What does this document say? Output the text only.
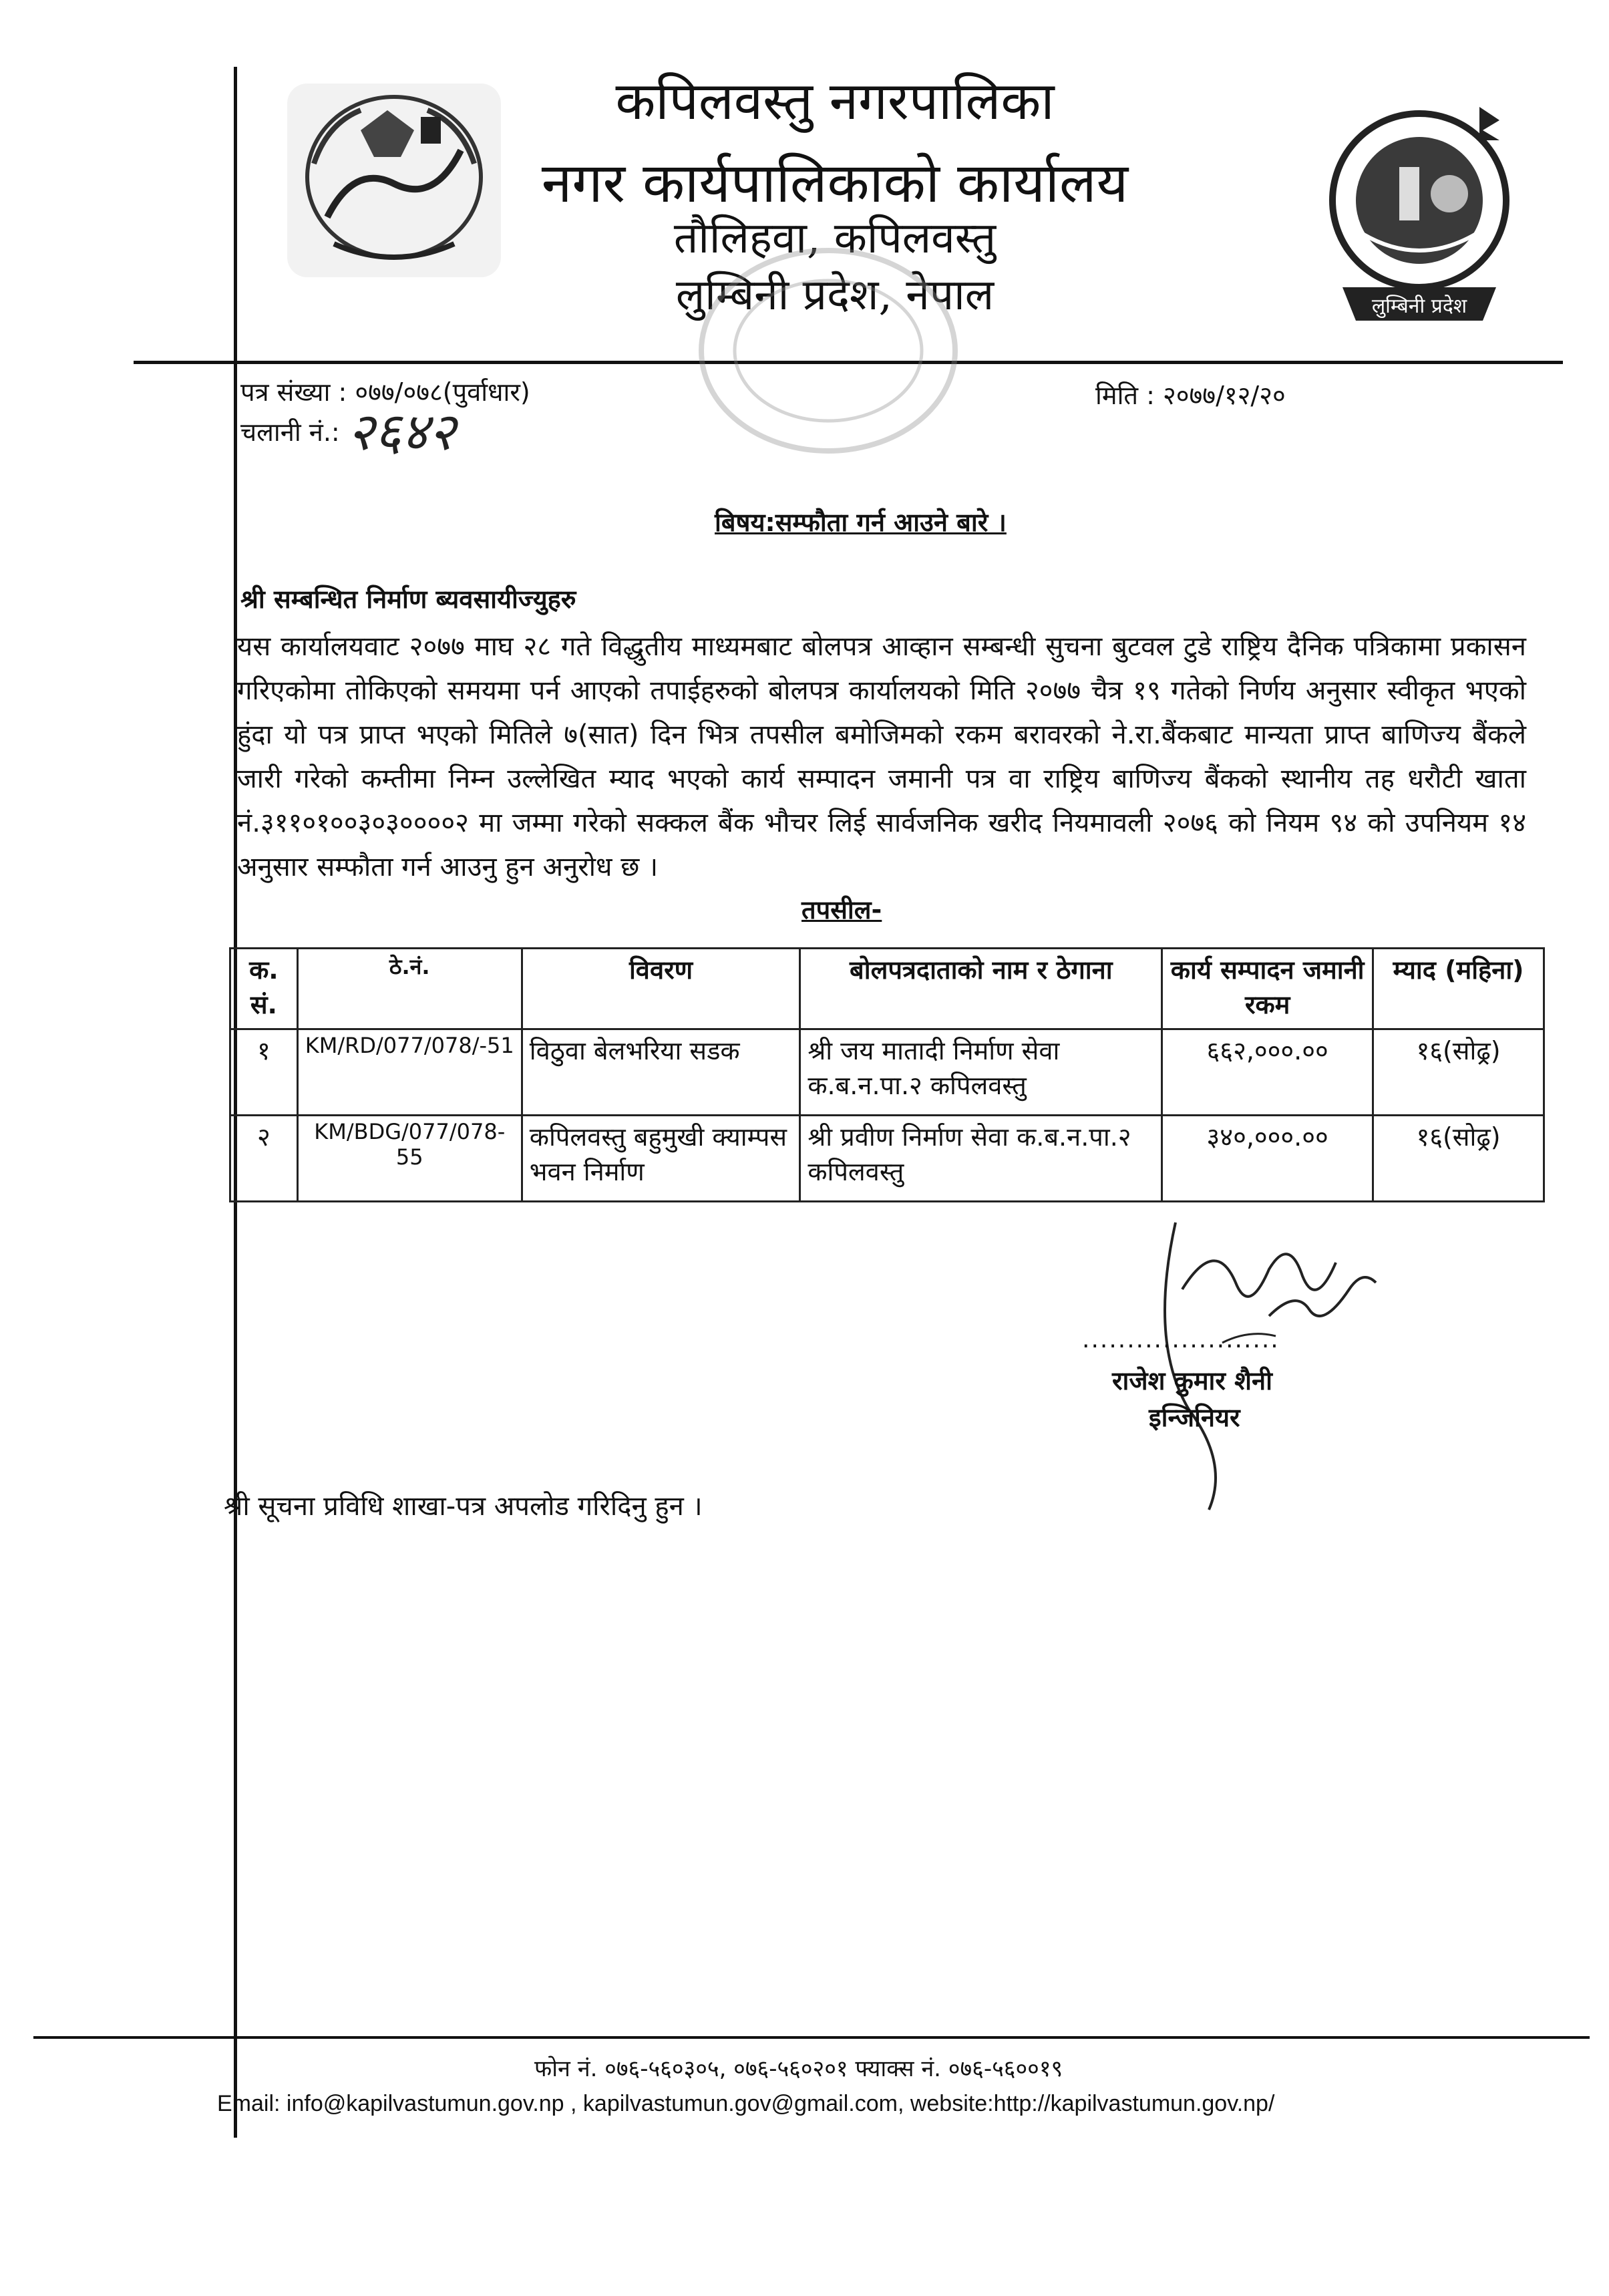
कपिलवस्तु नगरपालिका
नगर कार्यपालिकाको कार्यालय
तौलिहवा, कपिलवस्तु
लुम्बिनी प्रदेश, नेपाल	लुम्बिनी प्रदेश
पत्र संख्या : ०७७/०७८(पुर्वाधार)
चलानी नं.: २६४२
मिति : २०७७/१२/२०
बिषय:सम्फौता गर्न आउने बारे ।
श्री सम्बन्धित निर्माण ब्यवसायीज्युहरु
यस कार्यालयवाट २०७७ माघ २८ गते विद्धुतीय माध्यमबाट बोलपत्र आव्हान सम्बन्धी सुचना बुटवल टुडे राष्ट्रिय दैनिक पत्रिकामा प्रकासन गरिएकोमा तोकिएको समयमा पर्न आएको तपाईहरुको बोलपत्र कार्यालयको मिति २०७७ चैत्र १९ गतेको निर्णय अनुसार स्वीकृत भएको हुंदा यो पत्र प्राप्त भएको मितिले ७(सात) दिन भित्र तपसील बमोजिमको रकम बरावरको ने.रा.बैंकबाट मान्यता प्राप्त बाणिज्य बैंकले जारी गरेको कम्तीमा निम्न उल्लेखित म्याद भएको कार्य सम्पादन जमानी पत्र वा राष्ट्रिय बाणिज्य बैंकको स्थानीय तह धरौटी खाता नं.३११०१००३०३००००२ मा जम्मा गरेको सक्कल बैंक भौचर लिई सार्वजनिक खरीद नियमावली २०७६ को नियम ९४ को उपनियम १४ अनुसार सम्फौता गर्न आउनु हुन अनुरोध छ ।
तपसील-
क. सं.	ठे.नं.	विवरण	बोलपत्रदाताको नाम र ठेगाना	कार्य सम्पादन जमानी रकम	म्याद (महिना)
१	KM/RD/077/078/-51	विठुवा बेलभरिया सडक	श्री जय मातादी निर्माण सेवा क.ब.न.पा.२ कपिलवस्तु	६६२,०००.००	१६(सोढ्र)
२	KM/BDG/077/078-55	कपिलवस्तु बहुमुखी क्याम्पस भवन निर्माण	श्री प्रवीण निर्माण सेवा क.ब.न.पा.२ कपिलवस्तु	३४०,०००.००	१६(सोढ्र)
......................
राजेश कुमार शैनी
इन्जिनियर
श्री सूचना प्रविधि शाखा-पत्र अपलोड गरिदिनु हुन ।
फोन नं. ०७६-५६०३०५, ०७६-५६०२०१ फ्याक्स नं. ०७६-५६००१९
Email: info@kapilvastumun.gov.np , kapilvastumun.gov@gmail.com, website:http://kapilvastumun.gov.np/
